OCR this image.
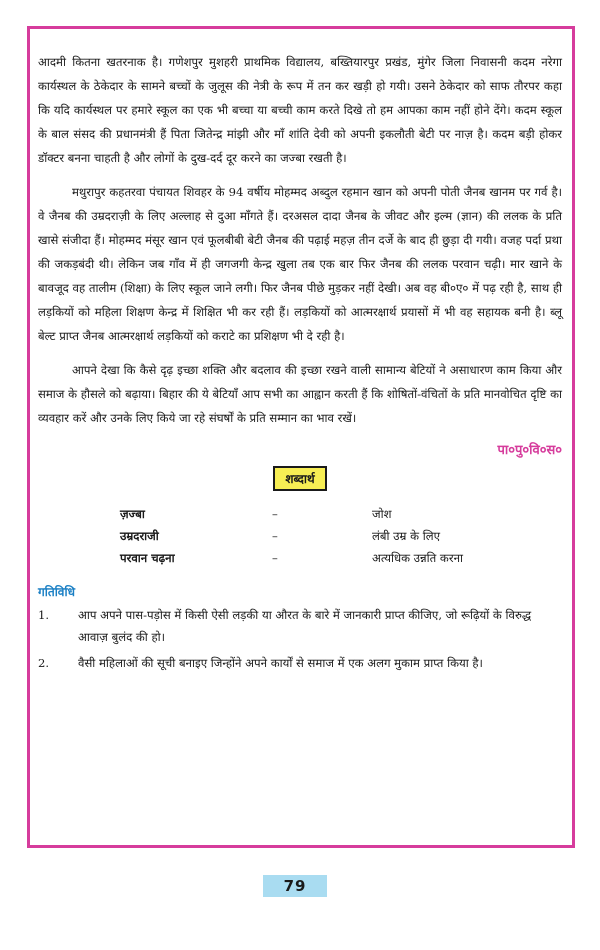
आदमी कितना खतरनाक है। गणेशपुर मुशहरी प्राथमिक विद्यालय, बख्तियारपुर प्रखंड, मुंगेर जिला निवासनी कदम नरेगा कार्यस्थल के ठेकेदार के सामने बच्चों के जुलूस की नेत्री के रूप में तन कर खड़ी हो गयी। उसने ठेकेदार को साफ तौरपर कहा कि यदि कार्यस्थल पर हमारे स्कूल का एक भी बच्चा या बच्ची काम करते दिखे तो हम आपका काम नहीं होने देंगे। कदम स्कूल के बाल संसद की प्रधानमंत्री हैं पिता जितेन्द्र मांझी और माँ शांति देवी को अपनी इकलौती बेटी पर नाज़ है। कदम बड़ी होकर डॉक्टर बनना चाहती है और लोगों के दुख-दर्द दूर करने का जज्बा रखती है।

मथुरापुर कहतरवा पंचायत शिवहर के 94 वर्षीय मोहम्मद अब्दुल रहमान खान को अपनी पोती जैनब खानम पर गर्व है। वे जैनब की उम्रदराज़ी के लिए अल्लाह से दुआ माँगते हैं। दरअसल दादा जैनब के जीवट और इल्म (ज्ञान) की ललक के प्रति खासे संजीदा हैं। मोहम्मद मंसूर खान एवं फूलबीबी बेटी जैनब की पढ़ाई महज़ तीन दर्जे के बाद ही छुड़ा दी गयी। वजह पर्दा प्रथा की जकड़बंदी थी। लेकिन जब गाँव में ही जगजगी केन्द्र खुला तब एक बार फिर जैनब की ललक परवान चढ़ी। मार खाने के बावजूद वह तालीम (शिक्षा) के लिए स्कूल जाने लगी। फिर जैनब पीछे मुड़कर नहीं देखी। अब वह बी०ए० में पढ़ रही है, साथ ही लड़कियों को महिला शिक्षण केन्द्र में शिक्षित भी कर रही हैं। लड़कियों को आत्मरक्षार्थ प्रयासों में भी वह सहायक बनी है। ब्लू बेल्ट प्राप्त जैनब आत्मरक्षार्थ लड़कियों को कराटे का प्रशिक्षण भी दे रही है।

आपने देखा कि कैसे दृढ़ इच्छा शक्ति और बदलाव की इच्छा रखने वाली सामान्य बेटियों ने असाधारण काम किया और समाज के हौसले को बढ़ाया। बिहार की ये बेटियाँ आप सभी का आह्वान करती हैं कि शोषितों-वंचितों के प्रति मानवोचित दृष्टि का व्यवहार करें और उनके लिए किये जा रहे संघर्षों के प्रति सम्मान का भाव रखें।

पा०पु०वि०स०
शब्दार्थ
ज़ज्बा	–	जोश
उम्रदराजी	–	लंबी उम्र के लिए
परवान चढ़ना	–	अत्यधिक उन्नति करना
गतिविधि
1.	आप अपने पास-पड़ोस में किसी ऐसी लड़की या औरत के बारे में जानकारी प्राप्त कीजिए, जो रूढ़ियों के विरुद्ध आवाज़ बुलंद की हो।
2.	वैसी महिलाओं की सूची बनाइए जिन्होंने अपने कार्यों से समाज में एक अलग मुकाम प्राप्त किया है।
79
